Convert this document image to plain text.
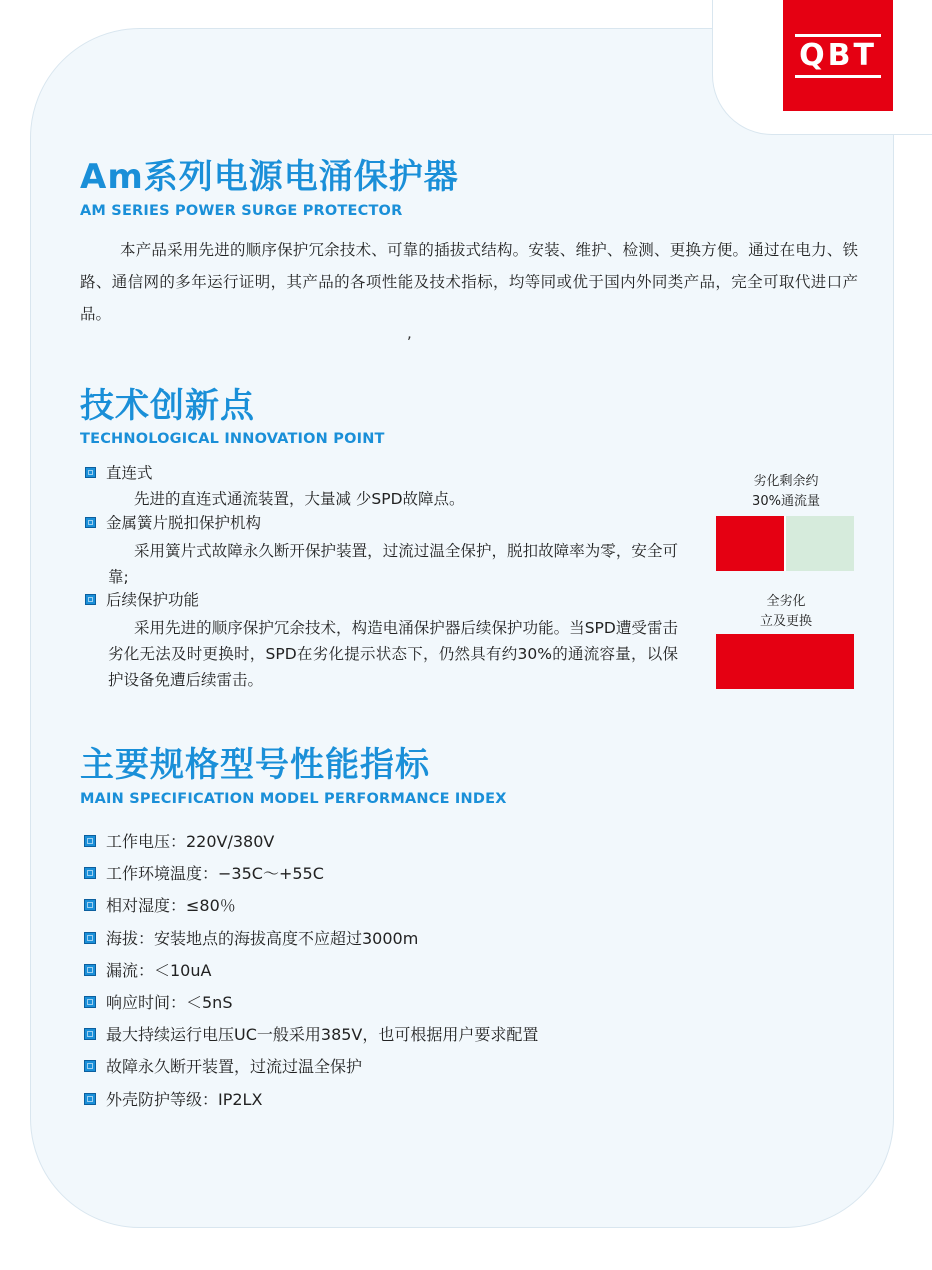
QBT
Am系列电源电涌保护器
AM SERIES POWER SURGE PROTECTOR
本产品采用先进的顺序保护冗余技术、可靠的插拔式结构。安装、维护、检测、更换方便。通过在电力、铁路、通信网的多年运行证明，其产品的各项性能及技术指标，均等同或优于国内外同类产品，完全可取代进口产品。
,
技术创新点
TECHNOLOGICAL INNOVATION POINT
直连式
先进的直连式通流装置，大量减 少SPD故障点。
金属簧片脱扣保护机构
采用簧片式故障永久断开保护装置，过流过温全保护，脱扣故障率为零，安全可靠;
后续保护功能
采用先进的顺序保护冗余技术，构造电涌保护器后续保护功能。当SPD遭受雷击劣化无法及时更换时，SPD在劣化提示状态下，仍然具有约30%的通流容量，以保护设备免遭后续雷击。
劣化剩余约
30%通流量
全劣化
立及更换
主要规格型号性能指标
MAIN SPECIFICATION MODEL PERFORMANCE INDEX
工作电压：220V/380V
工作环境温度：−35C～+55C
相对湿度：≤80％
海拔：安装地点的海拔高度不应超过3000m
漏流：＜10uA
响应时间：＜5nS
最大持续运行电压UC一般采用385V，也可根据用户要求配置
故障永久断开装置，过流过温全保护
外壳防护等级：IP2LX
